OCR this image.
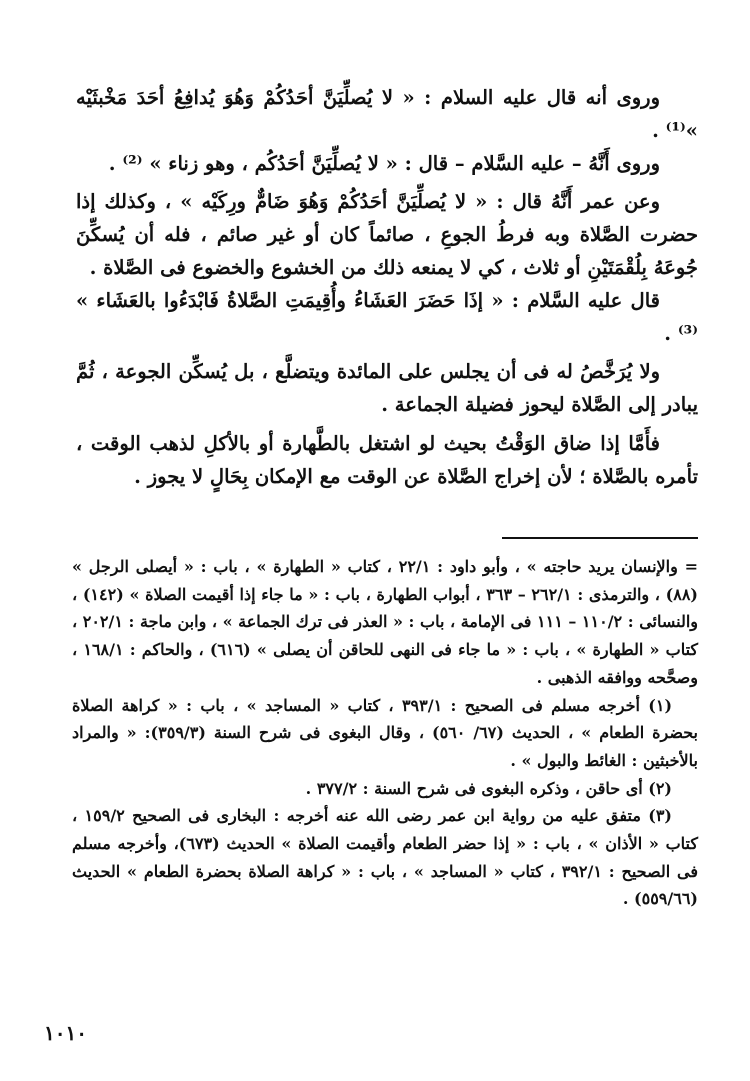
وروى أنه قال عليه السلام : « لا يُصلِّيَنَّ أحَدُكُمْ وَهُوَ يُدافِعُ أحَدَ مَخْبثَيْه »⁽¹⁾ .

وروى أَنَّهُ – عليه السَّلام – قال : « لا يُصلِّيَنَّ أحَدُكُم ، وهو زناء » ⁽²⁾ .

وعن عمر أَنَّهُ قال : « لا يُصلِّيَنَّ أحَدُكُمْ وَهُوَ ضَامٌّ ورِكَيْه » ، وكذلك إذا حضرت الصَّلاة وبه فرطُ الجوعِ ، صائماً كان أو غير صائم ، فله أن يُسكِّنَ جُوعَهُ بِلُقْمَتَيْنِ أو ثلاث ، كي لا يمنعه ذلك من الخشوع والخضوع فى الصَّلاة .

قال عليه السَّلام : « إذَا حَضَرَ العَشَاءُ وأُقِيمَتِ الصَّلاةُ فَابْدَءُوا بالعَشَاء » ⁽³⁾ .

ولا يُرَخَّصُ له فى أن يجلس على المائدة ويتضلَّع ، بل يُسكِّن الجوعة ، ثُمَّ يبادر إلى الصَّلاة ليحوز فضيلة الجماعة .

فأَمَّا إذا ضاق الوَقْتُ بحيث لو اشتغل بالطَّهارة أو بالأكلِ لذهب الوقت ، تأمره بالصَّلاة ؛ لأن إخراج الصَّلاة عن الوقت مع الإمكان بِحَالٍ لا يجوز .

= والإنسان يريد حاجته » ، وأبو داود : ٢٢/١ ، كتاب « الطهارة » ، باب : « أيصلى الرجل » (٨٨) ، والترمذى : ٢٦٢/١ – ٣٦٣ ، أبواب الطهارة ، باب : « ما جاء إذا أقيمت الصلاة » (١٤٢) ، والنسائى : ١١٠/٢ – ١١١ فى الإمامة ، باب : « العذر فى ترك الجماعة » ، وابن ماجة : ٢٠٢/١ ، كتاب « الطهارة » ، باب : « ما جاء فى النهى للحاقن أن يصلى » (٦١٦) ، والحاكم : ١٦٨/١ ، وصحَّحه ووافقه الذهبى .

(١) أخرجه مسلم فى الصحيح : ٣٩٣/١ ، كتاب « المساجد » ، باب : « كراهة الصلاة بحضرة الطعام » ، الحديث (٦٧/ ٥٦٠) ، وقال البغوى فى شرح السنة (٣٥٩/٣): « والمراد بالأخبثين : الغائط والبول » .

(٢) أى حاقن ، وذكره البغوى فى شرح السنة : ٣٧٧/٢ .

(٣) متفق عليه من رواية ابن عمر رضى الله عنه أخرجه : البخارى فى الصحيح ١٥٩/٢ ، كتاب « الأذان » ، باب : « إذا حضر الطعام وأقيمت الصلاة » الحديث (٦٧٣)، وأخرجه مسلم فى الصحيح : ٣٩٢/١ ، كتاب « المساجد » ، باب : « كراهة الصلاة بحضرة الطعام » الحديث (٥٥٩/٦٦) .

١٠١٠
